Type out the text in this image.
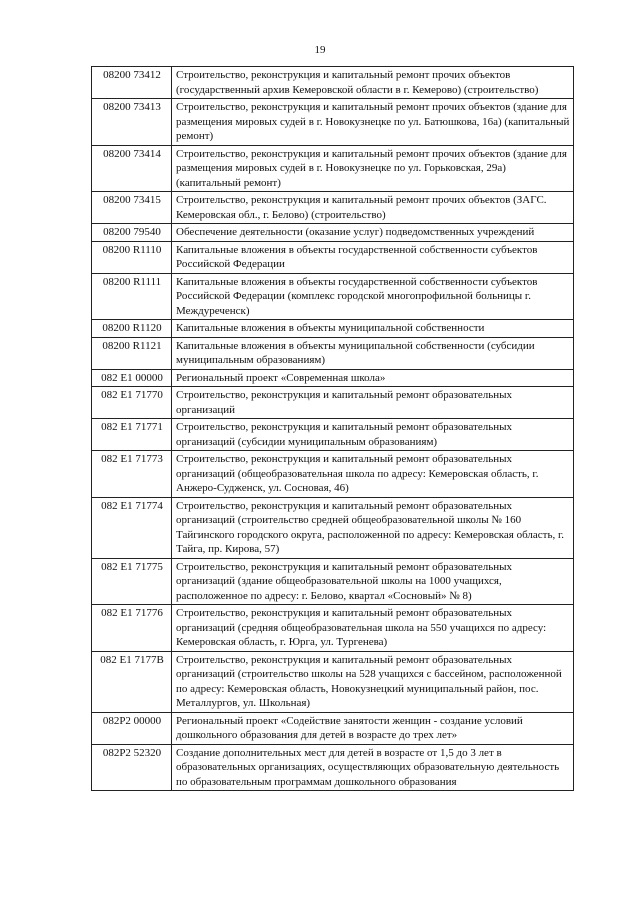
19
08200 73412	Строительство, реконструкция и капитальный ремонт прочих объектов (государственный архив Кемеровской области в г. Кемерово) (строительство)
08200 73413	Строительство, реконструкция и капитальный ремонт прочих объектов (здание для размещения мировых судей в г. Новокузнецке по ул. Батюшкова, 16а) (капитальный ремонт)
08200 73414	Строительство, реконструкция и капитальный ремонт прочих объектов (здание для размещения мировых судей в г. Новокузнецке по ул. Горьковская, 29а) (капитальный ремонт)
08200 73415	Строительство, реконструкция и капитальный ремонт прочих объектов (ЗАГС. Кемеровская обл., г. Белово) (строительство)
08200 79540	Обеспечение деятельности (оказание услуг) подведомственных учреждений
08200 R1110	Капитальные вложения в объекты государственной собственности субъектов Российской Федерации
08200 R1111	Капитальные вложения в объекты государственной собственности субъектов Российской Федерации (комплекс городской многопрофильной больницы г. Междуреченск)
08200 R1120	Капитальные вложения в объекты муниципальной собственности
08200 R1121	Капитальные вложения в объекты муниципальной собственности (субсидии муниципальным образованиям)
082 E1 00000	Региональный проект «Современная школа»
082 E1 71770	Строительство, реконструкция и капитальный ремонт образовательных организаций
082 E1 71771	Строительство, реконструкция и капитальный ремонт образовательных организаций (субсидии муниципальным образованиям)
082 E1 71773	Строительство, реконструкция и капитальный ремонт образовательных организаций (общеобразовательная школа по адресу: Кемеровская область, г. Анжеро-Судженск, ул. Сосновая, 46)
082 E1 71774	Строительство, реконструкция и капитальный ремонт образовательных организаций (строительство средней общеобразовательной школы № 160 Тайгинского городского округа, расположенной по адресу: Кемеровская область, г. Тайга, пр. Кирова, 57)
082 E1 71775	Строительство, реконструкция и капитальный ремонт образовательных организаций (здание общеобразовательной школы на 1000 учащихся, расположенное по адресу: г. Белово, квартал «Сосновый» № 8)
082 E1 71776	Строительство, реконструкция и капитальный ремонт образовательных организаций (средняя общеобразовательная школа на 550 учащихся по адресу: Кемеровская область, г. Юрга, ул. Тургенева)
082 E1 7177В	Строительство, реконструкция и капитальный ремонт образовательных организаций (строительство школы на 528 учащихся с бассейном, расположенной по адресу: Кемеровская область, Новокузнецкий муниципальный район, пос. Металлургов, ул. Школьная)
082P2 00000	Региональный проект «Содействие занятости женщин - создание условий дошкольного образования для детей в возрасте до трех лет»
082P2 52320	Создание дополнительных мест для детей в возрасте от 1,5 до 3 лет в образовательных организациях, осуществляющих образовательную деятельность по образовательным программам дошкольного образования
